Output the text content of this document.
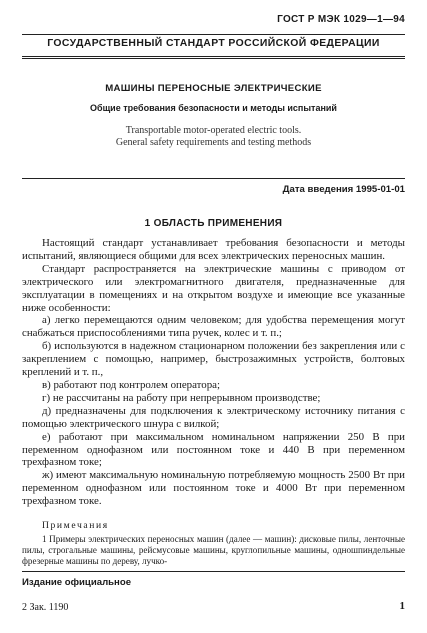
ГОСТ Р МЭК 1029—1—94
ГОСУДАРСТВЕННЫЙ СТАНДАРТ РОССИЙСКОЙ ФЕДЕРАЦИИ
МАШИНЫ ПЕРЕНОСНЫЕ ЭЛЕКТРИЧЕСКИЕ
Общие требования безопасности и методы испытаний
Transportable motor-operated electric tools.
General safety requirements and testing methods
Дата введения 1995-01-01
1 ОБЛАСТЬ ПРИМЕНЕНИЯ

Настоящий стандарт устанавливает требования безопасности и методы испытаний, являющиеся общими для всех электрических переносных машин.

Стандарт распространяется на электрические машины с приводом от электрического или электромагнитного двигателя, предназначенные для эксплуатации в помещениях и на открытом воздухе и имеющие все указанные ниже особенности:

а) легко перемещаются одним человеком; для удобства перемещения могут снабжаться приспособлениями типа ручек, колес и т. п.;

б) используются в надежном стационарном положении без закрепления или с закреплением с помощью, например, быстрозажимных устройств, болтовых креплений и т. п.,

в) работают под контролем оператора;

г) не рассчитаны на работу при непрерывном производстве;

д) предназначены для подключения к электрическому источнику питания с помощью электрического шнура с вилкой;

е) работают при максимальном номинальном напряжении 250 В при переменном однофазном или постоянном токе и 440 В при переменном трехфазном токе;

ж) имеют максимальную номинальную потребляемую мощность 2500 Вт при переменном однофазном или постоянном токе и 4000 Вт при переменном трехфазном токе.

Примечания

1 Примеры электрических переносных машин (далее — машин): дисковые пилы, ленточные пилы, строгальные машины, рейсмусовые машины, круглопильные машины, одношпиндельные фрезерные машины по дереву, лучко-

Издание официальное
2 Зак. 1190	1
